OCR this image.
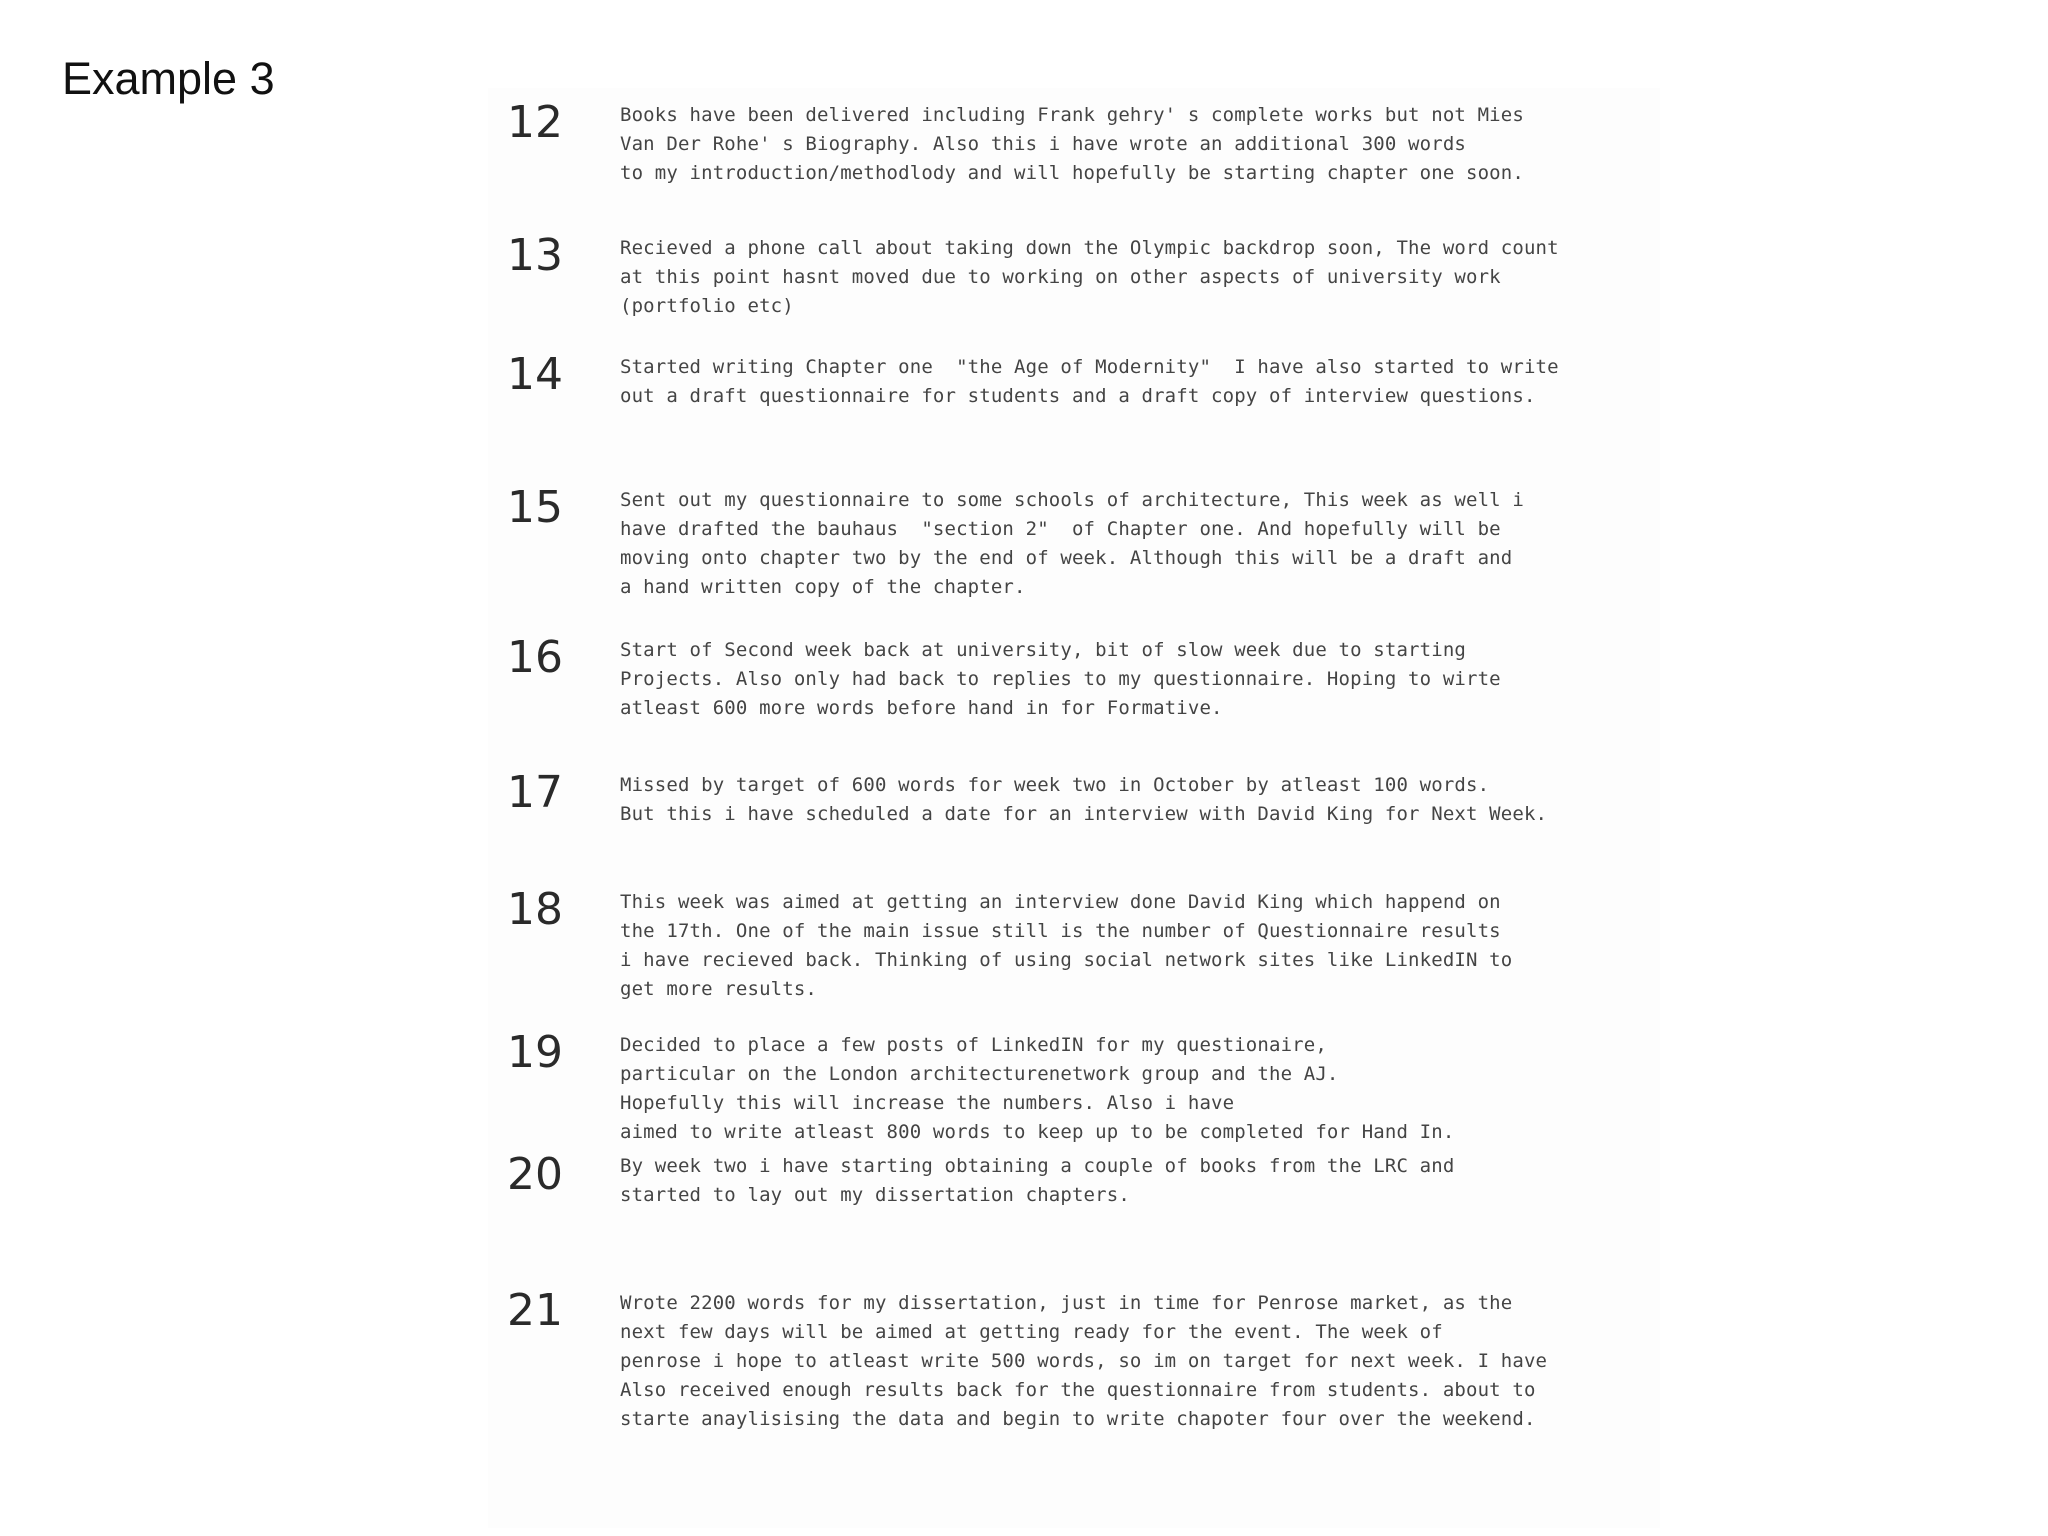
Example 3
12	Books have been delivered including Frank gehry' s complete works but not Mies
Van Der Rohe' s Biography. Also this i have wrote an additional 300 words
to my introduction/methodlody and will hopefully be starting chapter one soon.
13	Recieved a phone call about taking down the Olympic backdrop soon, The word count
at this point hasnt moved due to working on other aspects of university work
(portfolio etc)
14	Started writing Chapter one  "the Age of Modernity"  I have also started to write
out a draft questionnaire for students and a draft copy of interview questions.
15	Sent out my questionnaire to some schools of architecture, This week as well i
have drafted the bauhaus  "section 2"  of Chapter one. And hopefully will be
moving onto chapter two by the end of week. Although this will be a draft and
a hand written copy of the chapter.
16	Start of Second week back at university, bit of slow week due to starting
Projects. Also only had back to replies to my questionnaire. Hoping to wirte
atleast 600 more words before hand in for Formative.
17	Missed by target of 600 words for week two in October by atleast 100 words.
But this i have scheduled a date for an interview with David King for Next Week.
18	This week was aimed at getting an interview done David King which happend on
the 17th. One of the main issue still is the number of Questionnaire results
i have recieved back. Thinking of using social network sites like LinkedIN to
get more results.
19	Decided to place a few posts of LinkedIN for my questionaire,
particular on the London architecturenetwork group and the AJ.
Hopefully this will increase the numbers. Also i have
aimed to write atleast 800 words to keep up to be completed for Hand In.
20	By week two i have starting obtaining a couple of books from the LRC and
started to lay out my dissertation chapters.
21	Wrote 2200 words for my dissertation, just in time for Penrose market, as the
next few days will be aimed at getting ready for the event. The week of
penrose i hope to atleast write 500 words, so im on target for next week. I have
Also received enough results back for the questionnaire from students. about to
starte anaylisising the data and begin to write chapoter four over the weekend.
